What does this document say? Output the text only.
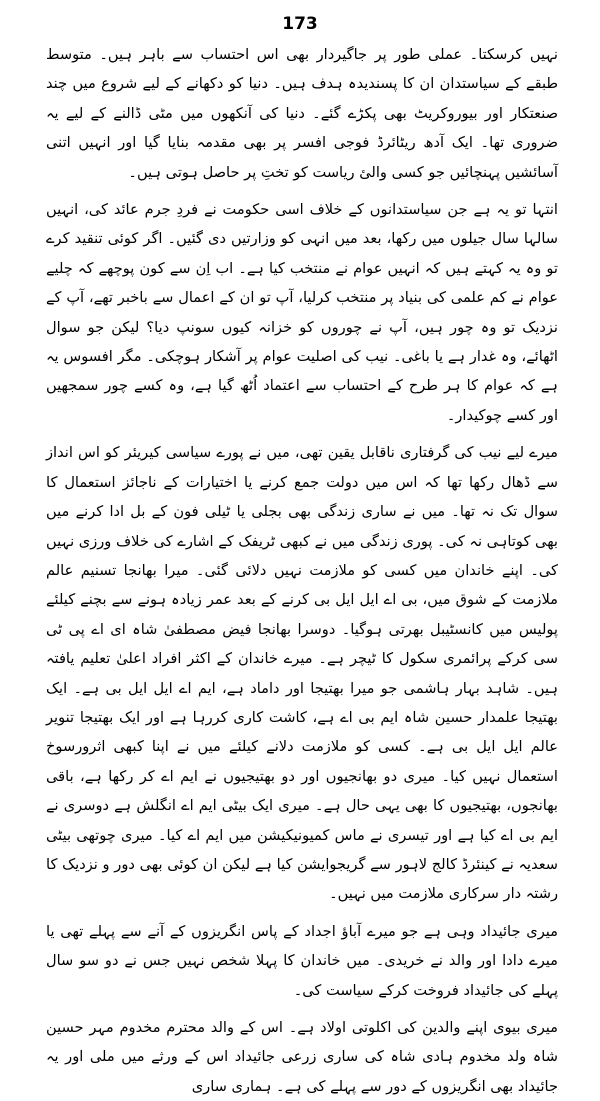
173

نہیں کرسکتا۔ عملی طور پر جاگیردار بھی اس احتساب سے باہر ہیں۔ متوسط طبقے کے سیاستدان ان کا پسندیدہ ہدف ہیں۔ دنیا کو دکھانے کے لیے شروع میں چند صنعتکار اور بیوروکریٹ بھی پکڑے گئے۔ دنیا کی آنکھوں میں مٹی ڈالنے کے لیے یہ ضروری تھا۔ ایک آدھ ریٹائرڈ فوجی افسر پر بھی مقدمہ بنایا گیا اور انہیں اتنی آسائشیں پہنچائیں جو کسی والیٔ ریاست کو تختِ پر حاصل ہوتی ہیں۔

انتہا تو یہ ہے جن سیاستدانوں کے خلاف اسی حکومت نے فردِ جرم عائد کی، انہیں سالہا سال جیلوں میں رکھا، بعد میں انہی کو وزارتیں دی گئیں۔ اگر کوئی تنقید کرے تو وہ یہ کہتے ہیں کہ انہیں عوام نے منتخب کیا ہے۔ اب اِن سے کون پوچھے کہ چلیے عوام نے کم علمی کی بنیاد پر منتخب کرلیا، آپ تو ان کے اعمال سے باخبر تھے، آپ کے نزدیک تو وہ چور ہیں، آپ نے چوروں کو خزانہ کیوں سونپ دیا؟ لیکن جو سوال اٹھائے، وہ غدار ہے یا باغی۔ نیب کی اصلیت عوام پر آشکار ہوچکی۔ مگر افسوس یہ ہے کہ عوام کا ہر طرح کے احتساب سے اعتماد اُٹھ گیا ہے، وہ کسے چور سمجھیں اور کسے چوکیدار۔

میرے لیے نیب کی گرفتاری ناقابل یقین تھی، میں نے پورے سیاسی کیریئر کو اس انداز سے ڈھال رکھا تھا کہ اس میں دولت جمع کرنے یا اختیارات کے ناجائز استعمال کا سوال تک نہ تھا۔ میں نے ساری زندگی بھی بجلی یا ٹیلی فون کے بل ادا کرنے میں بھی کوتاہی نہ کی۔ پوری زندگی میں نے کبھی ٹریفک کے اشارے کی خلاف ورزی نہیں کی۔ اپنے خاندان میں کسی کو ملازمت نہیں دلائی گئی۔ میرا بھانجا تسنیم عالم ملازمت کے شوق میں، بی اے ایل ایل بی کرنے کے بعد عمر زیادہ ہونے سے بچنے کیلئے پولیس میں کانسٹیبل بھرتی ہوگیا۔ دوسرا بھانجا فیض مصطفیٰ شاہ ای اے پی ٹی سی کرکے پرائمری سکول کا ٹیچر ہے۔ میرے خاندان کے اکثر افراد اعلیٰ تعلیم یافتہ ہیں۔ شاہد بہار ہاشمی جو میرا بھتیجا اور داماد ہے، ایم اے ایل ایل بی ہے۔ ایک بھتیجا علمدار حسین شاہ ایم بی اے ہے، کاشت کاری کررہا ہے اور ایک بھتیجا تنویر عالم ایل ایل بی ہے۔ کسی کو ملازمت دلانے کیلئے میں نے اپنا کبھی اثرورسوخ استعمال نہیں کیا۔ میری دو بھانجیوں اور دو بھتیجیوں نے ایم اے کر رکھا ہے، باقی بھانجوں، بھتیجیوں کا بھی یہی حال ہے۔ میری ایک بیٹی ایم اے انگلش ہے دوسری نے ایم بی اے کیا ہے اور تیسری نے ماس کمیونیکیشن میں ایم اے کیا۔ میری چوتھی بیٹی سعدیہ نے کینئرڈ کالج لاہور سے گریجوایشن کیا ہے لیکن ان کوئی بھی دور و نزدیک کا رشتہ دار سرکاری ملازمت میں نہیں۔

میری جائیداد وہی ہے جو میرے آباؤ اجداد کے پاس انگریزوں کے آنے سے پہلے تھی یا میرے دادا اور والد نے خریدی۔ میں خاندان کا پہلا شخص نہیں جس نے دو سو سال پہلے کی جائیداد فروخت کرکے سیاست کی۔

میری بیوی اپنے والدین کی اکلوتی اولاد ہے۔ اس کے والد محترم مخدوم مہر حسین شاہ ولد مخدوم ہادی شاہ کی ساری زرعی جائیداد اس کے ورثے میں ملی اور یہ جائیداد بھی انگریزوں کے دور سے پہلے کی ہے۔ ہماری ساری
